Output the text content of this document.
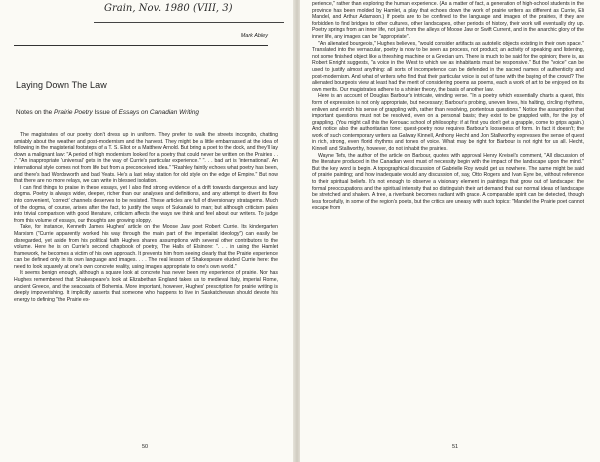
Grain, Nov. 1980 (VIII, 3)
Mark Abley
Laying Down The Law
Notes on the Prairie Poetry Issue of Essays on Canadian Writing

The magistrates of our poetry don't dress up in uniform. They prefer to walk the streets incognito, chatting amiably about the weather and post-modernism and the harvest. They might be a little embarrassed at the idea of following in the magisterial footsteps of a T. S. Eliot or a Matthew Arnold. But bring a poet to the dock, and they'll lay down a malignant law: "A period of high modernism looked for a poetry that could never be written on the Prairies . . ." "An inappropriate 'universal' gets in the way of Currie's particular experience." ". . . bad art is 'international'. An international style comes not from life but from a preconceived idea." "Rashley faintly echoes what poetry has been, and there's bad Wordsworth and bad Yeats. He's a last relay station for old style on the edge of Empire." But now that there are no more relays, we can write in blessed isolation.

I can find things to praise in these essays, yet I also find strong evidence of a drift towards dangerous and lazy dogma. Poetry is always wider, deeper, richer than our analyses and definitions, and any attempt to divert its flow into convenient, 'correct' channels deserves to be resisted. These articles are full of diversionary stratagems. Much of the dogma, of course, arises after the fact, to justify the ways of Sukanaki to man; but although criticism pales into trivial comparison with good literature, criticism affects the ways we think and feel about our writers. To judge from this volume of essays, our thoughts are growing sloppy.

Take, for instance, Kenneth James Hughes' article on the Moose Jaw poet Robert Currie. Its kindergarten Marxism ("Currie apparently worked his way through the main part of the imperialist ideology") can easily be disregarded, yet aside from his political faith Hughes shares assumptions with several other contributors to the volume. Here he is on Currie's second chapbook of poetry, The Halls of Elsinore: ". . . in using the Hamlet framework, he becomes a victim of his own approach. It prevents him from seeing clearly that the Prairie experience can be defined only in its own language and images. . . . The real lesson of Shakespeare eluded Currie here: the need to look squarely at one's own concrete reality, using images appropriate to one's own world."

It seems benign enough, although a square look at concrete has never been my experience of prairie. Nor has Hughes remembered that Shakespeare's look at Elizabethan England takes us to medieval Italy, imperial Rome, ancient Greece, and the seacoasts of Bohemia. More important, however, Hughes' prescription for prairie writing is deeply impoverishing. It implicitly asserts that someone who happens to live in Saskatchewan should devote his energy to defining "the Prairie ex-

50

perience," rather than exploring the human experience. (As a matter of fact, a generation of high-school students in the province has been molded by Hamlet, a play that echoes down the work of prairie writers as different as Currie, Eli Mandel, and Arthur Adamson.) If poets are to be confined to the language and images of the prairies, if they are forbidden to find bridges to other cultures, other landscapes, other periods of history, their work will eventually dry up. Poetry springs from an inner life, not just from the alleys of Moose Jaw or Swift Current, and in the anarchic glory of the inner life, any images can be "appropriate".

"An alienated bourgeois," Hughes believes, "would consider artifacts as autotelic objects existing in their own space." Translated into the vernacular, poetry is now to be seen as process, not product; an activity of speaking and listening, not some finished object like a threshing machine or a Grecian urn. There is much to be said for the opinion; there is, as Robert Enright suggests, "a voice in the West to which we as inhabitants must be responsive." But the "voice" can be used to justify almost anything: all sorts of incompetence can be defended in the sacred names of authenticity and post-modernism. And what of writers who find that their particular voice is out of tune with the baying of the crowd? The alienated bourgeois view at least had the merit of considering poems as poems, each a work of art to be enjoyed on its own merits. Our magistrates adhere to a shinier theory, the basis of another law.

Here is an account of Douglas Barbour's intricate, winding verse. "In a poetry which essentially charts a quest, this form of expression is not only appropriate, but necessary; Barbour's probing, uneven lines, his halting, circling rhythms, enliven and enrich his sense of grappling with, rather than resolving, portentous questions." Notice the assumption that important questions must not be resolved, even on a personal basis; they exist to be grappled with, for the joy of grappling. (You might call this the Kerouac school of philosophy: if at first you don't get a grapple, come to grips again.) And notice also the authoritarian tone: quest-poetry now requires Barbour's looseness of form. In fact it doesn't; the work of such contemporary writers as Galway Kinnell, Anthony Hecht and Jon Stallworthy expresses the sense of quest in rich, strong, even florid rhythms and tones of voice. What may be right for Barbour is not right for us all. Hecht, Kinnell and Stallworthy, however, do not inhabit the prairies.

Wayne Tefs, the author of the article on Barbour, quotes with approval Henry Kreisel's comment, "All discussion of the literature produced in the Canadian west must of necessity begin with the impact of the landscape upon the mind." But the key word is begin. A topographical discussion of Gabrielle Roy would get us nowhere. The same might be said of prairie painting; and how inadequate would any discussion of, say, Otto Rogers and Ivan Eyre be, without reference to their spiritual beliefs. It's not enough to observe a visionary element in paintings that grow out of landscape: the formal preoccupations and the spiritual intensity that so distinguish their art demand that our normal ideas of landscape be stretched and shaken. A tree, a riverbank becomes radiant with grace. A comparable spirit can be detected, though less forcefully, in some of the region's poets, but the critics are uneasy with such topics: "Mandel the Prairie poet cannot escape from

51
